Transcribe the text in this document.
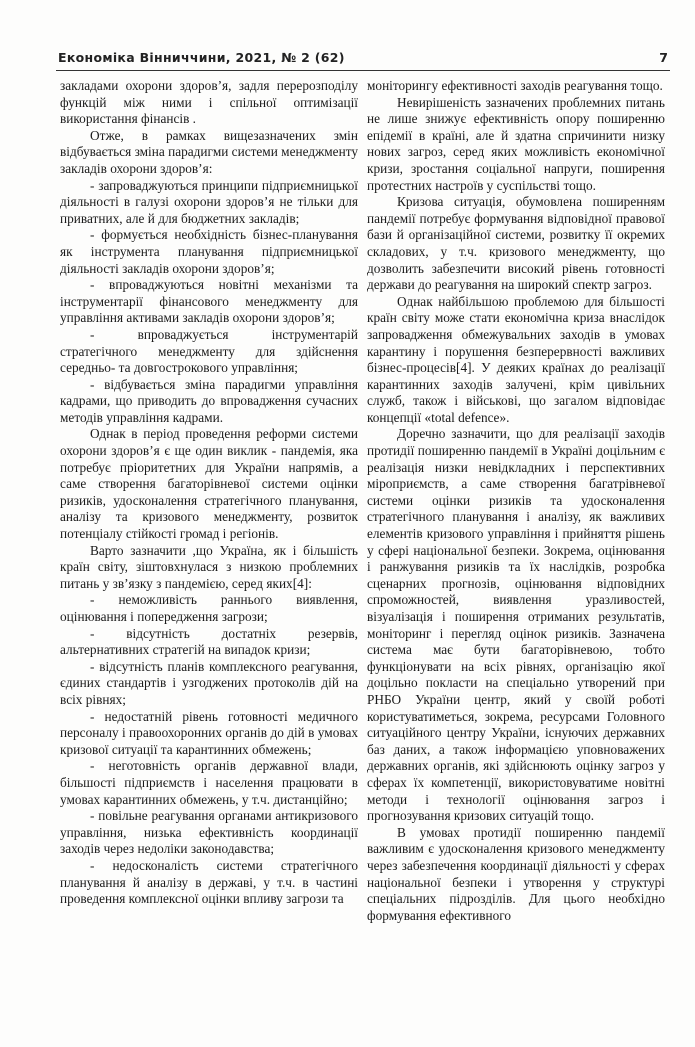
Економіка Вінниччини, 2021, № 2 (62)	7

закладами охорони здоров’я, задля перерозподілу функцій між ними і спільної оптимізації використання фінансів .

Отже, в рамках вищезазначених змін відбувається зміна парадигми системи менеджменту закладів охорони здоров’я:

- запроваджуються принципи підприємницької діяльності в галузі охорони здоров’я не тільки для приватних, але й для бюджетних закладів;

- формується необхідність бізнес-планування як інструмента планування підприємницької діяльності закладів охорони здоров’я;

- впроваджуються новітні механізми та інструментарії фінансового менеджменту для управління активами закладів охорони здоров’я;

- впроваджується інструментарій стратегічного менеджменту для здійснення середньо- та довгострокового управління;

- відбувається зміна парадигми управління кадрами, що приводить до впровадження сучасних методів управління кадрами.

Однак в період проведення реформи системи охорони здоров’я є ще один виклик - пандемія, яка потребує пріоритетних для України напрямів, а саме створення багаторівневої системи оцінки ризиків, удосконалення стратегічного планування, аналізу та кризового менеджменту, розвиток потенціалу стійкості громад і регіонів.

Варто зазначити ,що Україна, як і більшість країн світу, зіштовхнулася з низкою проблемних питань у зв’язку з пандемією, серед яких[4]:

- неможливість раннього виявлення, оцінювання і попередження загрози;

- відсутність достатніх резервів, альтернативних стратегій на випадок кризи;

- відсутність планів комплексного реагування, єдиних стандартів і узгоджених протоколів дій на всіх рівнях;

- недостатній рівень готовності медичного персоналу і правоохоронних органів до дій в умовах кризової ситуації та карантинних обмежень;

- неготовність органів державної влади, більшості підприємств і населення працювати в умовах карантинних обмежень, у т.ч. дистанційно;

- повільне реагування органами антикризового управління, низька ефективність координації заходів через недоліки законодавства;

- недосконалість системи стратегічного планування й аналізу в державі, у т.ч. в частині проведення комплексної оцінки впливу загрози та

моніторингу ефективності заходів реагування тощо.

Невирішеність зазначених проблемних питань не лише знижує ефективність опору поширенню епідемії в країні, але й здатна спричинити низку нових загроз, серед яких можливість економічної кризи, зростання соціальної напруги, поширення протестних настроїв у суспільстві тощо.

Кризова ситуація, обумовлена поширенням пандемії потребує формування відповідної правової бази й організаційної системи, розвитку її окремих складових, у т.ч. кризового менеджменту, що дозволить забезпечити високий рівень готовності держави до реагування на широкий спектр загроз.

Однак найбільшою проблемою для більшості країн світу може стати економічна криза внаслідок запровадження обмежувальних заходів в умовах карантину і порушення безперервності важливих бізнес-процесів[4]. У деяких країнах до реалізації карантинних заходів залучені, крім цивільних служб, також і військові, що загалом відповідає концепції «total defence».

Доречно зазначити, що для реалізації заходів протидії поширенню пандемії в Україні доцільним є реалізація низки невідкладних і перспективних міроприємств, а саме створення багатрівневої системи оцінки ризиків та удосконалення стратегічного планування і аналізу, як важливих елементів кризового управління і прийняття рішень у сфері національної безпеки. Зокрема, оцінювання і ранжування ризиків та їх наслідків, розробка сценарних прогнозів, оцінювання відповідних спроможностей, виявлення уразливостей, візуалізація і поширення отриманих результатів, моніторинг і перегляд оцінок ризиків. Зазначена система має бути багаторівневою, тобто функціонувати на всіх рівнях, організацію якої доцільно покласти на спеціально утворений при РНБО України центр, який у своїй роботі користуватиметься, зокрема, ресурсами Головного ситуаційного центру України, існуючих державних баз даних, а також інформацією уповноважених державних органів, які здійснюють оцінку загроз у сферах їх компетенції, використовуватиме новітні методи і технології оцінювання загроз і прогнозування кризових ситуацій тощо.

В умовах протидії поширенню пандемії важливим є удосконалення кризового менеджменту через забезпечення координації діяльності у сферах національної безпеки і утворення у структурі спеціальних підрозділів. Для цього необхідно формування ефективного
